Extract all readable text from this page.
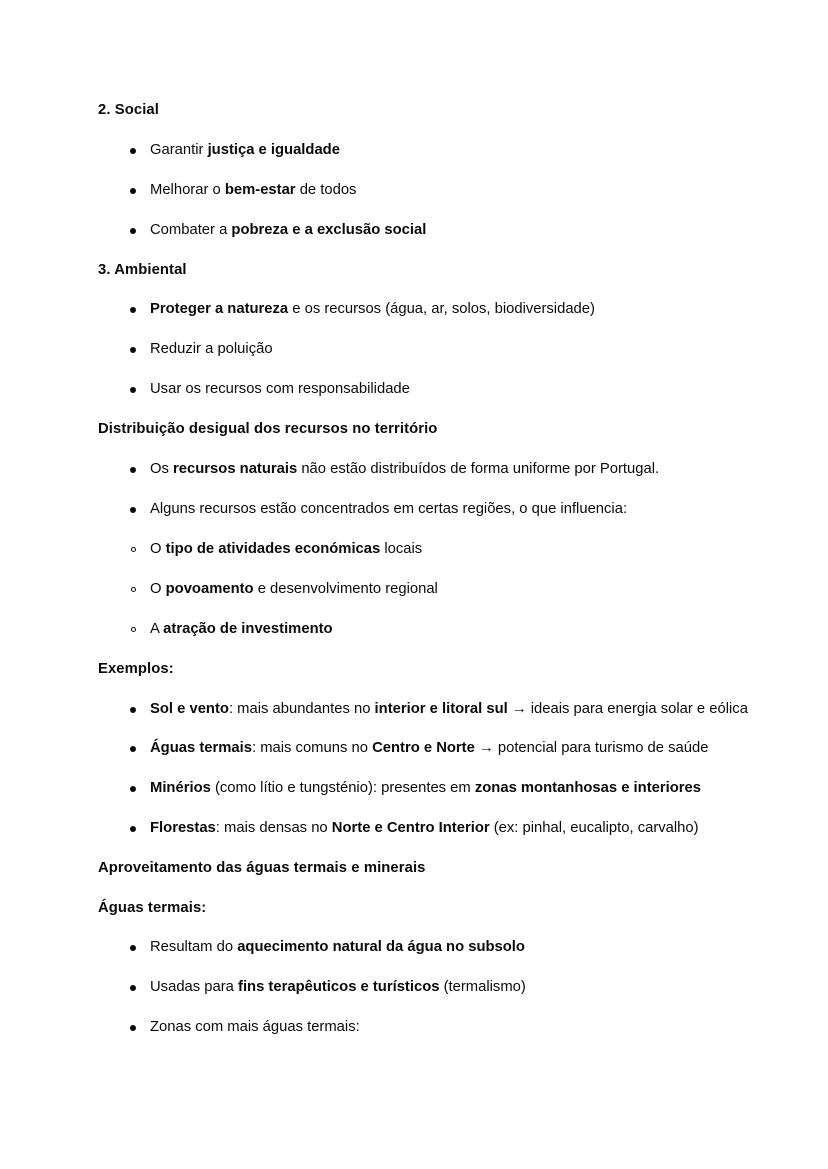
2. Social
Garantir justiça e igualdade
Melhorar o bem-estar de todos
Combater a pobreza e a exclusão social
3. Ambiental
Proteger a natureza e os recursos (água, ar, solos, biodiversidade)
Reduzir a poluição
Usar os recursos com responsabilidade
Distribuição desigual dos recursos no território
Os recursos naturais não estão distribuídos de forma uniforme por Portugal.
Alguns recursos estão concentrados em certas regiões, o que influencia:
O tipo de atividades económicas locais
O povoamento e desenvolvimento regional
A atração de investimento
Exemplos:
Sol e vento: mais abundantes no interior e litoral sul → ideais para energia solar e eólica
Águas termais: mais comuns no Centro e Norte → potencial para turismo de saúde
Minérios (como lítio e tungsténio): presentes em zonas montanhosas e interiores
Florestas: mais densas no Norte e Centro Interior (ex: pinhal, eucalipto, carvalho)
Aproveitamento das águas termais e minerais
Águas termais:
Resultam do aquecimento natural da água no subsolo
Usadas para fins terapêuticos e turísticos (termalismo)
Zonas com mais águas termais:
